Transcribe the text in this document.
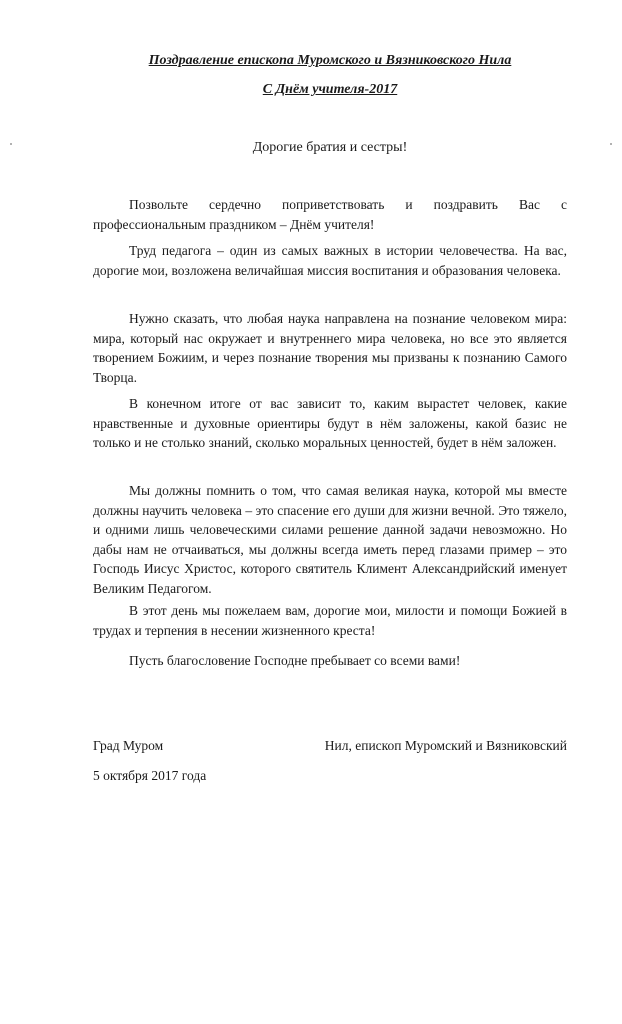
Поздравление епископа Муромского и Вязниковского Нила
С Днём учителя-2017
Дорогие братия и сестры!

Позвольте сердечно поприветствовать и поздравить Вас с профессиональным праздником – Днём учителя!

Труд педагога – один из самых важных в истории человечества. На вас, дорогие мои, возложена величайшая миссия воспитания и образования человека.

Нужно сказать, что любая наука направлена на познание человеком мира: мира, который нас окружает и внутреннего мира человека, но все это является творением Божиим, и через познание творения мы призваны к познанию Самого Творца.

В конечном итоге от вас зависит то, каким вырастет человек, какие нравственные и духовные ориентиры будут в нём заложены, какой базис не только и не столько знаний, сколько моральных ценностей, будет в нём заложен.

Мы должны помнить о том, что самая великая наука, которой мы вместе должны научить человека – это спасение его души для жизни вечной. Это тяжело, и одними лишь человеческими силами решение данной задачи невозможно. Но дабы нам не отчаиваться, мы должны всегда иметь перед глазами пример – это Господь Иисус Христос, которого святитель Климент Александрийский именует Великим Педагогом.

В этот день мы пожелаем вам, дорогие мои, милости и помощи Божией в трудах и терпения в несении жизненного креста!

Пусть благословение Господне пребывает со всеми вами!

Град Муром	Нил, епископ Муромский и Вязниковский
5 октября 2017 года
